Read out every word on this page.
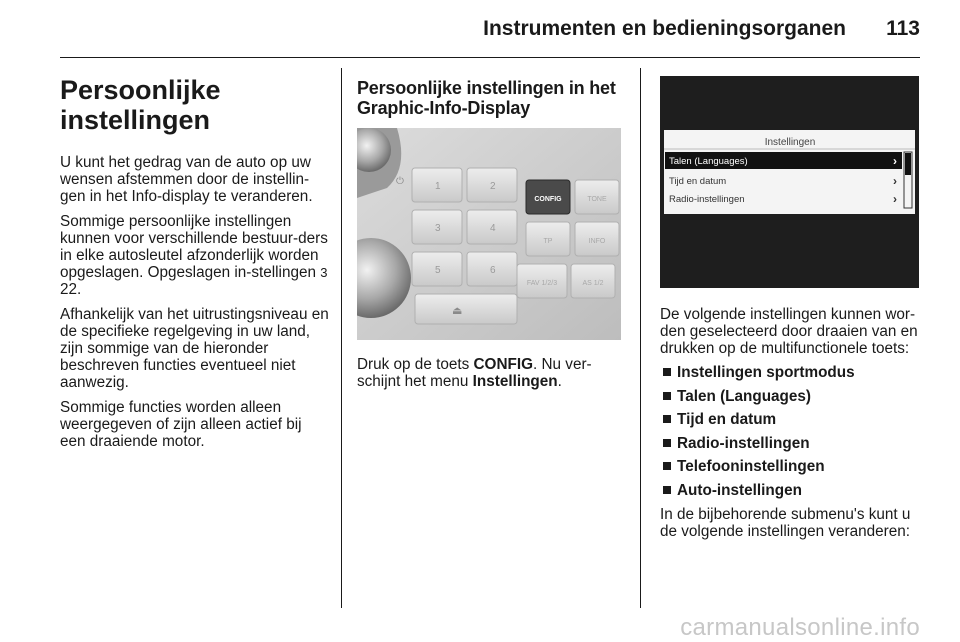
Instrumenten en bedieningsorganen 113
Persoonlijke
instellingen

U kunt het gedrag van de auto op uw wensen afstemmen door de instellin-gen in het Info-display te veranderen.

Sommige persoonlijke instellingen kunnen voor verschillende bestuur-ders in elke autosleutel afzonderlijk worden opgeslagen. Opgeslagen in-stellingen 3 22.

Afhankelijk van het uitrustingsniveau en de specifieke regelgeving in uw land, zijn sommige van de hieronder beschreven functies eventueel niet aanwezig.

Sommige functies worden alleen weergegeven of zijn alleen actief bij een draaiende motor.

Persoonlijke instellingen in het
Graphic-Info-Display
⏻
⏏
1	2
3	4
5	6
CONFIG	TONE
TP	INFO
FAV 1/2/3	AS 1/2
Druk op de toets CONFIG. Nu ver-schijnt het menu Instellingen.
Instellingen
Talen (Languages)	›
Tijd en datum	›
Radio-instellingen	›

De volgende instellingen kunnen wor-den geselecteerd door draaien van en drukken op de multifunctionele toets:

Instellingen sportmodus
Talen (Languages)
Tijd en datum
Radio-instellingen
Telefooninstellingen
Auto-instellingen

In de bijbehorende submenu's kunt u de volgende instellingen veranderen:

carmanualsonline.info
